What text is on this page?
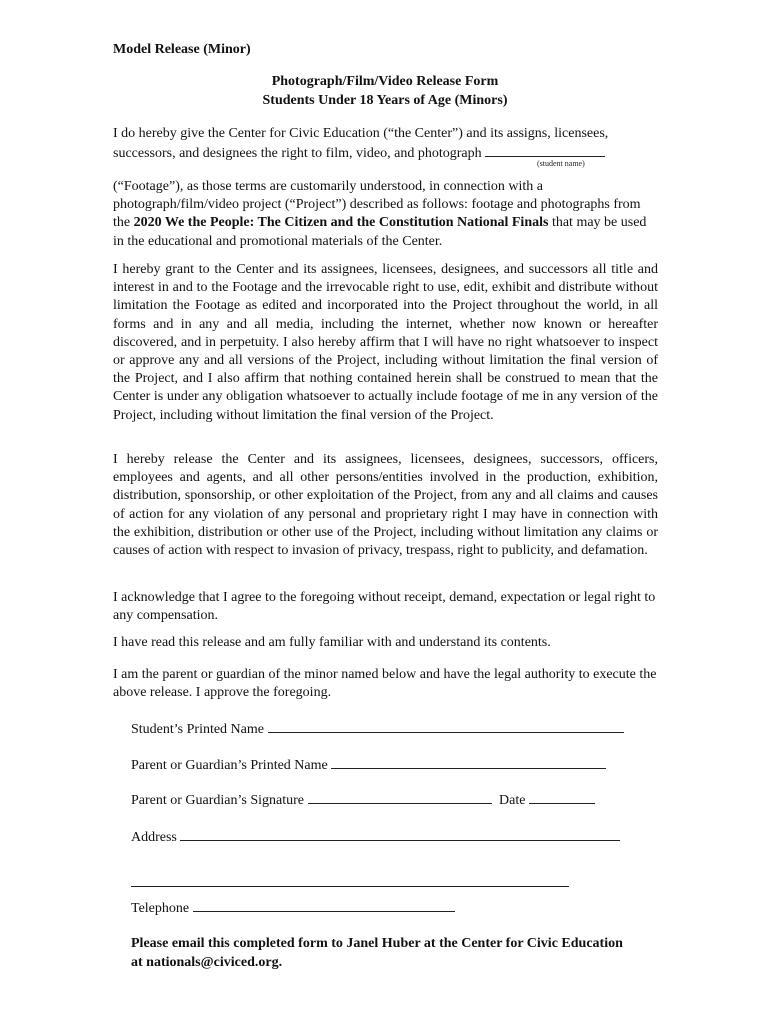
Model Release (Minor)
Photograph/Film/Video Release Form
Students Under 18 Years of Age (Minors)

I do hereby give the Center for Civic Education (“the Center”) and its assigns, licensees, successors, and designees the right to film, video, and photograph

(student name)

(“Footage”), as those terms are customarily understood, in connection with a photograph/film/video project (“Project”) described as follows: footage and photographs from the 2020 We the People: The Citizen and the Constitution National Finals that may be used in the educational and promotional materials of the Center.

I hereby grant to the Center and its assignees, licensees, designees, and successors all title and interest in and to the Footage and the irrevocable right to use, edit, exhibit and distribute without limitation the Footage as edited and incorporated into the Project throughout the world, in all forms and in any and all media, including the internet, whether now known or hereafter discovered, and in perpetuity. I also hereby affirm that I will have no right whatsoever to inspect or approve any and all versions of the Project, including without limitation the final version of the Project, and I also affirm that nothing contained herein shall be construed to mean that the Center is under any obligation whatsoever to actually include footage of me in any version of the Project, including without limitation the final version of the Project.

I hereby release the Center and its assignees, licensees, designees, successors, officers, employees and agents, and all other persons/entities involved in the production, exhibition, distribution, sponsorship, or other exploitation of the Project, from any and all claims and causes of action for any violation of any personal and proprietary right I may have in connection with the exhibition, distribution or other use of the Project, including without limitation any claims or causes of action with respect to invasion of privacy, trespass, right to publicity, and defamation.

I acknowledge that I agree to the foregoing without receipt, demand, expectation or legal right to any compensation.

I have read this release and am fully familiar with and understand its contents.

I am the parent or guardian of the minor named below and have the legal authority to execute the above release. I approve the foregoing.

Student’s Printed Name
Parent or Guardian’s Printed Name
Parent or Guardian’s Signature	Date
Address
Telephone
Please email this completed form to Janel Huber at the Center for Civic Education at nationals@civiced.org.
